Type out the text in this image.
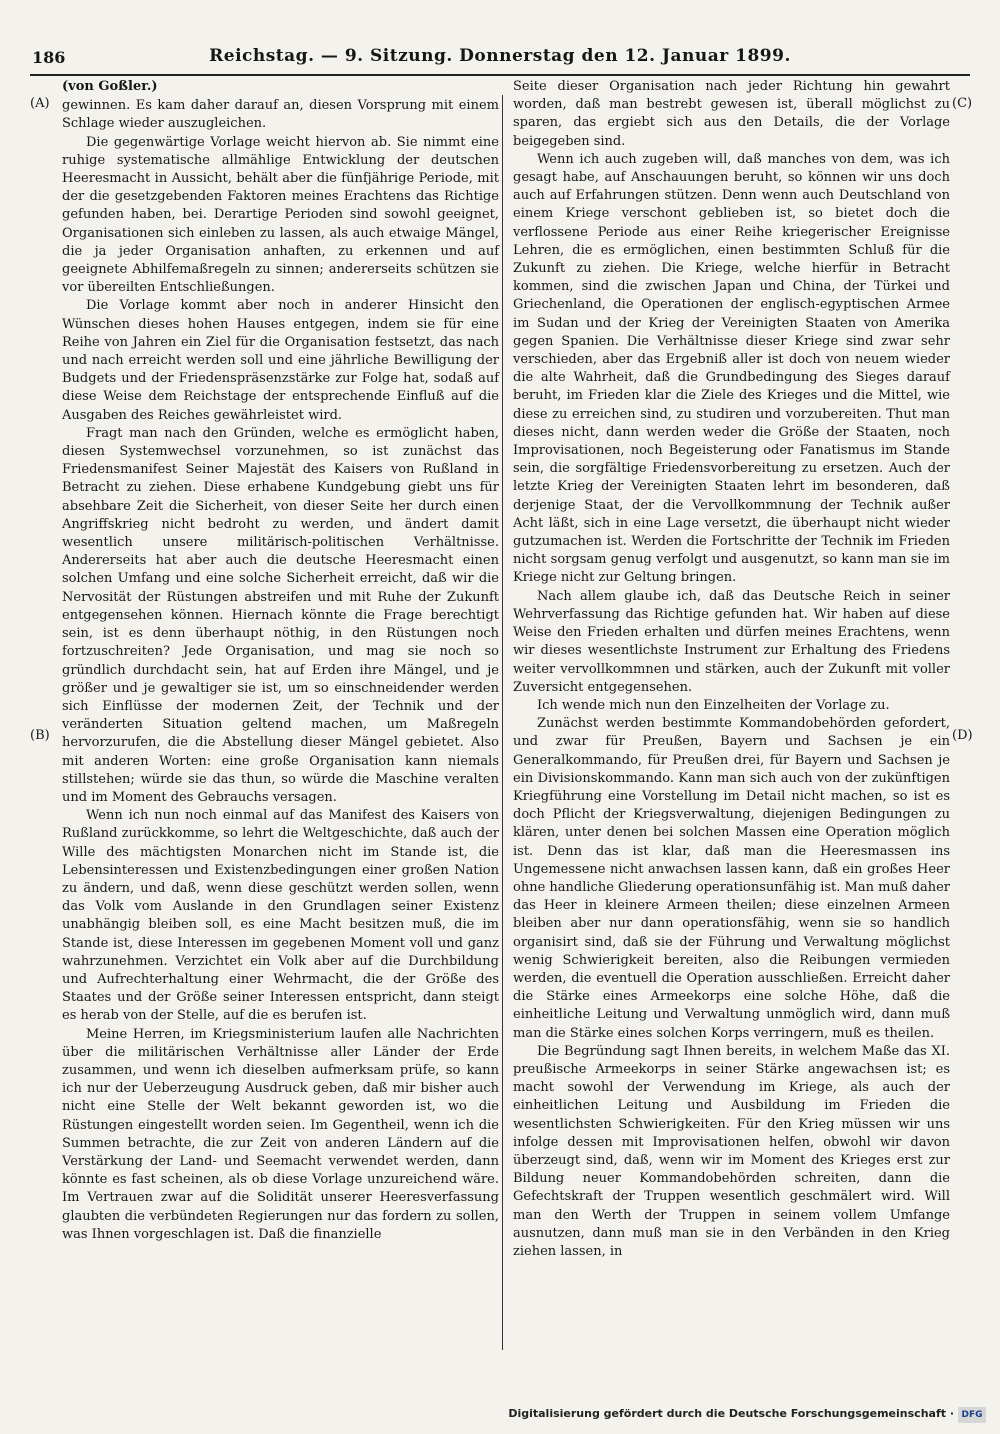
186	Reichstag. — 9. Sitzung. Donnerstag den 12. Januar 1899.
(A)
(B)
(C)
(D)

(von Goßler.)

gewinnen. Es kam daher darauf an, diesen Vorsprung mit einem Schlage wieder auszugleichen.

Die gegenwärtige Vorlage weicht hiervon ab. Sie nimmt eine ruhige systematische allmählige Entwicklung der deutschen Heeresmacht in Aussicht, behält aber die fünfjährige Periode, mit der die gesetzgebenden Faktoren meines Erachtens das Richtige gefunden haben, bei. Derartige Perioden sind sowohl geeignet, Organisationen sich einleben zu lassen, als auch etwaige Mängel, die ja jeder Organisation anhaften, zu erkennen und auf geeignete Abhilfemaßregeln zu sinnen; andererseits schützen sie vor übereilten Entschließungen.

Die Vorlage kommt aber noch in anderer Hinsicht den Wünschen dieses hohen Hauses entgegen, indem sie für eine Reihe von Jahren ein Ziel für die Organisation festsetzt, das nach und nach erreicht werden soll und eine jährliche Bewilligung der Budgets und der Friedenspräsenzstärke zur Folge hat, sodaß auf diese Weise dem Reichstage der entsprechende Einfluß auf die Ausgaben des Reiches gewährleistet wird.

Fragt man nach den Gründen, welche es ermöglicht haben, diesen Systemwechsel vorzunehmen, so ist zunächst das Friedensmanifest Seiner Majestät des Kaisers von Rußland in Betracht zu ziehen. Diese erhabene Kundgebung giebt uns für absehbare Zeit die Sicherheit, von dieser Seite her durch einen Angriffskrieg nicht bedroht zu werden, und ändert damit wesentlich unsere militärisch-politischen Verhältnisse. Andererseits hat aber auch die deutsche Heeresmacht einen solchen Umfang und eine solche Sicherheit erreicht, daß wir die Nervosität der Rüstungen abstreifen und mit Ruhe der Zukunft entgegensehen können. Hiernach könnte die Frage berechtigt sein, ist es denn überhaupt nöthig, in den Rüstungen noch fortzuschreiten? Jede Organisation, und mag sie noch so gründlich durchdacht sein, hat auf Erden ihre Mängel, und je größer und je gewaltiger sie ist, um so einschneidender werden sich Einflüsse der modernen Zeit, der Technik und der veränderten Situation geltend machen, um Maßregeln hervorzurufen, die die Abstellung dieser Mängel gebietet. Also mit anderen Worten: eine große Organisation kann niemals stillstehen; würde sie das thun, so würde die Maschine veralten und im Moment des Gebrauchs versagen.

Wenn ich nun noch einmal auf das Manifest des Kaisers von Rußland zurückkomme, so lehrt die Weltgeschichte, daß auch der Wille des mächtigsten Monarchen nicht im Stande ist, die Lebensinteressen und Existenzbedingungen einer großen Nation zu ändern, und daß, wenn diese geschützt werden sollen, wenn das Volk vom Auslande in den Grundlagen seiner Existenz unabhängig bleiben soll, es eine Macht besitzen muß, die im Stande ist, diese Interessen im gegebenen Moment voll und ganz wahrzunehmen. Verzichtet ein Volk aber auf die Durchbildung und Aufrechterhaltung einer Wehrmacht, die der Größe des Staates und der Größe seiner Interessen entspricht, dann steigt es herab von der Stelle, auf die es berufen ist.

Meine Herren, im Kriegsministerium laufen alle Nachrichten über die militärischen Verhältnisse aller Länder der Erde zusammen, und wenn ich dieselben aufmerksam prüfe, so kann ich nur der Ueberzeugung Ausdruck geben, daß mir bisher auch nicht eine Stelle der Welt bekannt geworden ist, wo die Rüstungen eingestellt worden seien. Im Gegentheil, wenn ich die Summen betrachte, die zur Zeit von anderen Ländern auf die Verstärkung der Land- und Seemacht verwendet werden, dann könnte es fast scheinen, als ob diese Vorlage unzureichend wäre. Im Vertrauen zwar auf die Solidität unserer Heeresverfassung glaubten die verbündeten Regierungen nur das fordern zu sollen, was Ihnen vorgeschlagen ist. Daß die finanzielle

Seite dieser Organisation nach jeder Richtung hin gewahrt worden, daß man bestrebt gewesen ist, überall möglichst zu sparen, das ergiebt sich aus den Details, die der Vorlage beigegeben sind.

Wenn ich auch zugeben will, daß manches von dem, was ich gesagt habe, auf Anschauungen beruht, so können wir uns doch auch auf Erfahrungen stützen. Denn wenn auch Deutschland von einem Kriege verschont geblieben ist, so bietet doch die verflossene Periode aus einer Reihe kriegerischer Ereignisse Lehren, die es ermöglichen, einen bestimmten Schluß für die Zukunft zu ziehen. Die Kriege, welche hierfür in Betracht kommen, sind die zwischen Japan und China, der Türkei und Griechenland, die Operationen der englisch-egyptischen Armee im Sudan und der Krieg der Vereinigten Staaten von Amerika gegen Spanien. Die Verhältnisse dieser Kriege sind zwar sehr verschieden, aber das Ergebniß aller ist doch von neuem wieder die alte Wahrheit, daß die Grundbedingung des Sieges darauf beruht, im Frieden klar die Ziele des Krieges und die Mittel, wie diese zu erreichen sind, zu studiren und vorzubereiten. Thut man dieses nicht, dann werden weder die Größe der Staaten, noch Improvisationen, noch Begeisterung oder Fanatismus im Stande sein, die sorgfältige Friedensvorbereitung zu ersetzen. Auch der letzte Krieg der Vereinigten Staaten lehrt im besonderen, daß derjenige Staat, der die Vervollkommnung der Technik außer Acht läßt, sich in eine Lage versetzt, die überhaupt nicht wieder gutzumachen ist. Werden die Fortschritte der Technik im Frieden nicht sorgsam genug verfolgt und ausgenutzt, so kann man sie im Kriege nicht zur Geltung bringen.

Nach allem glaube ich, daß das Deutsche Reich in seiner Wehrverfassung das Richtige gefunden hat. Wir haben auf diese Weise den Frieden erhalten und dürfen meines Erachtens, wenn wir dieses wesentlichste Instrument zur Erhaltung des Friedens weiter vervollkommnen und stärken, auch der Zukunft mit voller Zuversicht entgegensehen.

Ich wende mich nun den Einzelheiten der Vorlage zu.

Zunächst werden bestimmte Kommandobehörden gefordert, und zwar für Preußen, Bayern und Sachsen je ein Generalkommando, für Preußen drei, für Bayern und Sachsen je ein Divisionskommando. Kann man sich auch von der zukünftigen Kriegführung eine Vorstellung im Detail nicht machen, so ist es doch Pflicht der Kriegsverwaltung, diejenigen Bedingungen zu klären, unter denen bei solchen Massen eine Operation möglich ist. Denn das ist klar, daß man die Heeresmassen ins Ungemessene nicht anwachsen lassen kann, daß ein großes Heer ohne handliche Gliederung operationsunfähig ist. Man muß daher das Heer in kleinere Armeen theilen; diese einzelnen Armeen bleiben aber nur dann operationsfähig, wenn sie so handlich organisirt sind, daß sie der Führung und Verwaltung möglichst wenig Schwierigkeit bereiten, also die Reibungen vermieden werden, die eventuell die Operation ausschließen. Erreicht daher die Stärke eines Armeekorps eine solche Höhe, daß die einheitliche Leitung und Verwaltung unmöglich wird, dann muß man die Stärke eines solchen Korps verringern, muß es theilen.

Die Begründung sagt Ihnen bereits, in welchem Maße das XI. preußische Armeekorps in seiner Stärke angewachsen ist; es macht sowohl der Verwendung im Kriege, als auch der einheitlichen Leitung und Ausbildung im Frieden die wesentlichsten Schwierigkeiten. Für den Krieg müssen wir uns infolge dessen mit Improvisationen helfen, obwohl wir davon überzeugt sind, daß, wenn wir im Moment des Krieges erst zur Bildung neuer Kommandobehörden schreiten, dann die Gefechtskraft der Truppen wesentlich geschmälert wird. Will man den Werth der Truppen in seinem vollem Umfange ausnutzen, dann muß man sie in den Verbänden in den Krieg ziehen lassen, in

Digitalisierung gefördert durch die Deutsche Forschungsgemeinschaft · DFG
